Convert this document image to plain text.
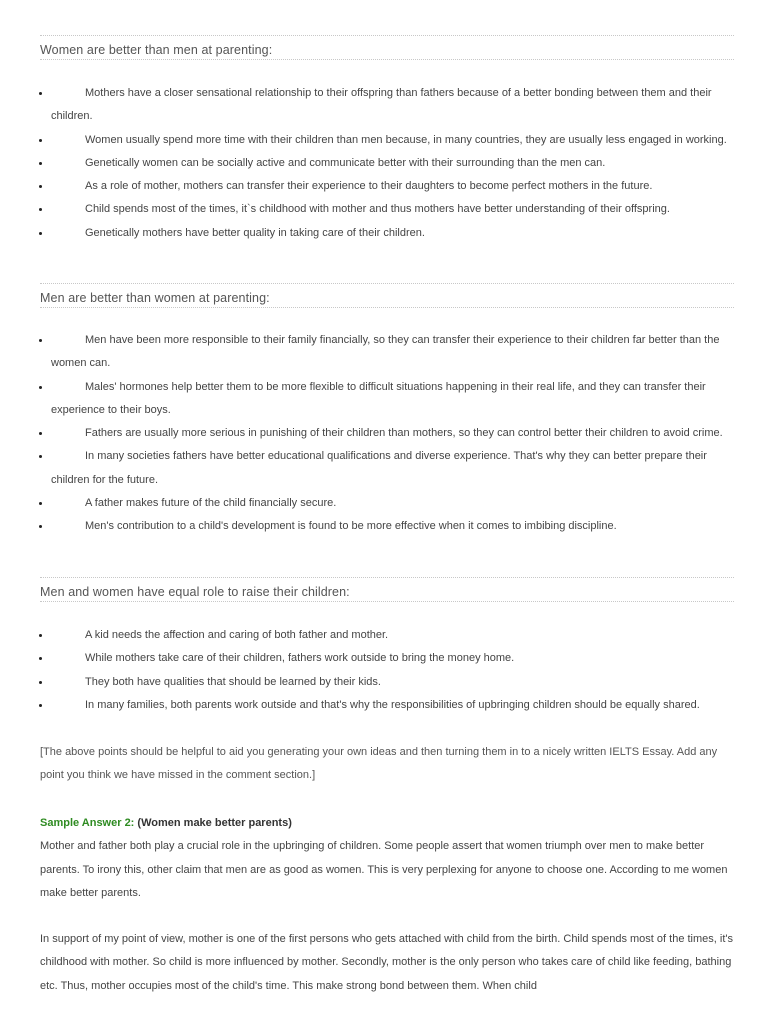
Women are better than men at parenting:
• Mothers have a closer sensational relationship to their offspring than fathers because of a better bonding between them and their children.
• Women usually spend more time with their children than men because, in many countries, they are usually less engaged in working.
• Genetically women can be socially active and communicate better with their surrounding than the men can.
• As a role of mother, mothers can transfer their experience to their daughters to become perfect mothers in the future.
• Child spends most of the times, it`s childhood with mother and thus mothers have better understanding of their offspring.
• Genetically mothers have better quality in taking care of their children.
Men are better than women at parenting:
• Men have been more responsible to their family financially, so they can transfer their experience to their children far better than the women can.
• Males' hormones help better them to be more flexible to difficult situations happening in their real life, and they can transfer their experience to their boys.
• Fathers are usually more serious in punishing of their children than mothers, so they can control better their children to avoid crime.
• In many societies fathers have better educational qualifications and diverse experience. That's why they can better prepare their children for the future.
• A father makes future of the child financially secure.
• Men's contribution to a child's development is found to be more effective when it comes to imbibing discipline.
Men and women have equal role to raise their children:
• A kid needs the affection and caring of both father and mother.
• While mothers take care of their children, fathers work outside to bring the money home.
• They both have qualities that should be learned by their kids.
• In many families, both parents work outside and that's why the responsibilities of upbringing children should be equally shared.
[The above points should be helpful to aid you generating your own ideas and then turning them in to a nicely written IELTS Essay. Add any point you think we have missed in the comment section.]
Sample Answer 2: (Women make better parents)
Mother and father both play a crucial role in the upbringing of children. Some people assert that women triumph over men to make better parents. To irony this, other claim that men are as good as women. This is very perplexing for anyone to choose one. According to me women make better parents.
In support of my point of view, mother is one of the first persons who gets attached with child from the birth. Child spends most of the times, it's childhood with mother. So child is more influenced by mother. Secondly, mother is the only person who takes care of child like feeding, bathing etc. Thus, mother occupies most of the child's time. This make strong bond between them. When child
